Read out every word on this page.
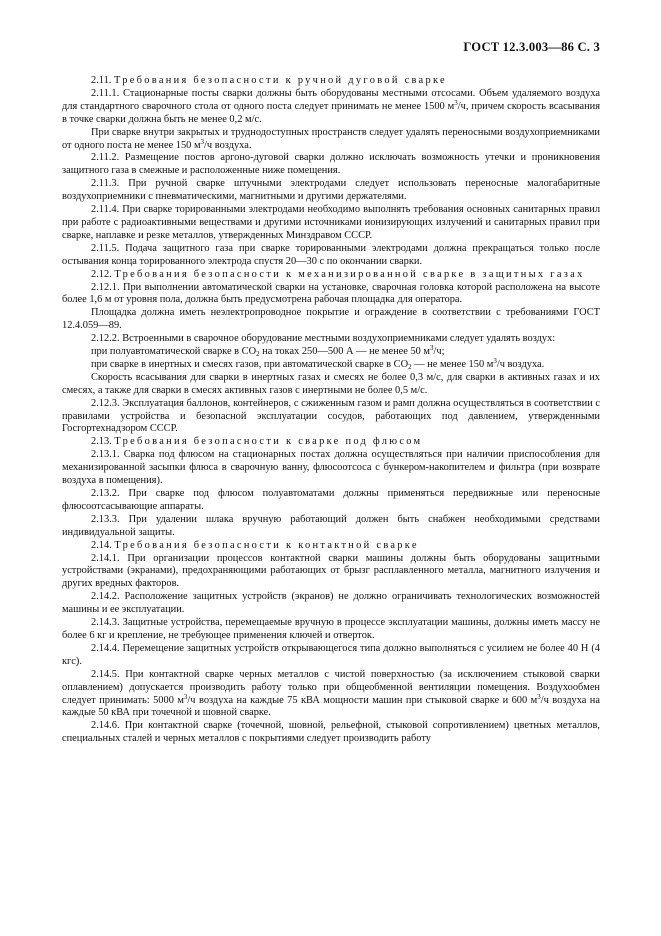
ГОСТ 12.3.003—86 С. 3

2.11. Требования безопасности к ручной дуговой сварке

2.11.1. Стационарные посты сварки должны быть оборудованы местными отсосами. Объем удаляемого воздуха для стандартного сварочного стола от одного поста следует принимать не менее 1500 $м^3/ч$, причем скорость всасывания в точке сварки должна быть не менее 0,2 м/с.

При сварке внутри закрытых и труднодоступных пространств следует удалять переносными воздухоприемниками от одного поста не менее 150 $м^3/ч$ воздуха.

2.11.2. Размещение постов аргоно-дуговой сварки должно исключать возможность утечки и проникновения защитного газа в смежные и расположенные ниже помещения.

2.11.3. При ручной сварке штучными электродами следует использовать переносные малогабаритные воздухоприемники с пневматическими, магнитными и другими держателями.

2.11.4. При сварке торированными электродами необходимо выполнять требования основных санитарных правил при работе с радиоактивными веществами и другими источниками ионизирующих излучений и санитарных правил при сварке, наплавке и резке металлов, утвержденных Минздравом СССР.

2.11.5. Подача защитного газа при сварке торированными электродами должна прекращаться только после остывания конца торированного электрода спустя 20—30 с по окончании сварки.

2.12. Требования безопасности к механизированной сварке в защитных газах

2.12.1. При выполнении автоматической сварки на установке, сварочная головка которой расположена на высоте более 1,6 м от уровня пола, должна быть предусмотрена рабочая площадка для оператора.

Площадка должна иметь неэлектропроводное покрытие и ограждение в соответствии с требованиями ГОСТ 12.4.059—89.

2.12.2. Встроенными в сварочное оборудование местными воздухоприемниками следует удалять воздух:

при полуавтоматической сварке в $CO_2$ на токах 250—500 А — не менее 50 $м^3/ч$;

при сварке в инертных и смесях газов, при автоматической сварке в $CO_2$ — не менее 150 $м^3/ч$ воздуха.

Скорость всасывания для сварки в инертных газах и смесях не более 0,3 м/с, для сварки в активных газах и их смесях, а также для сварки в смесях активных газов с инертными не более 0,5 м/с.

2.12.3. Эксплуатация баллонов, контейнеров, с сжиженным газом и рамп должна осуществляться в соответствии с правилами устройства и безопасной эксплуатации сосудов, работающих под давлением, утвержденными Госгортехнадзором СССР.

2.13. Требования безопасности к сварке под флюсом

2.13.1. Сварка под флюсом на стационарных постах должна осуществляться при наличии приспособления для механизированной засыпки флюса в сварочную ванну, флюсоотсоса с бункером-накопителем и фильтра (при возврате воздуха в помещения).

2.13.2. При сварке под флюсом полуавтоматами должны применяться передвижные или переносные флюсоотсасывающие аппараты.

2.13.3. При удалении шлака вручную работающий должен быть снабжен необходимыми средствами индивидуальной защиты.

2.14. Требования безопасности к контактной сварке

2.14.1. При организации процессов контактной сварки машины должны быть оборудованы защитными устройствами (экранами), предохраняющими работающих от брызг расплавленного металла, магнитного излучения и других вредных факторов.

2.14.2. Расположение защитных устройств (экранов) не должно ограничивать технологических возможностей машины и ее эксплуатации.

2.14.3. Защитные устройства, перемещаемые вручную в процессе эксплуатации машины, должны иметь массу не более 6 кг и крепление, не требующее применения ключей и отверток.

2.14.4. Перемещение защитных устройств открывающегося типа должно выполняться с усилием не более 40 Н (4 кгс).

2.14.5. При контактной сварке черных металлов с чистой поверхностью (за исключением стыковой сварки оплавлением) допускается производить работу только при общеобменной вентиляции помещения. Воздухообмен следует принимать: 5000 $м^3/ч$ воздуха на каждые 75 кВА мощности машин при стыковой сварке и 600 $м^3/ч$ воздуха на каждые 50 кВА при точечной и шовной сварке.

2.14.6. При контактной сварке (точечной, шовной, рельефной, стыковой сопротивлением) цветных металлов, специальных сталей и черных металлов с покрытиями следует производить работу
